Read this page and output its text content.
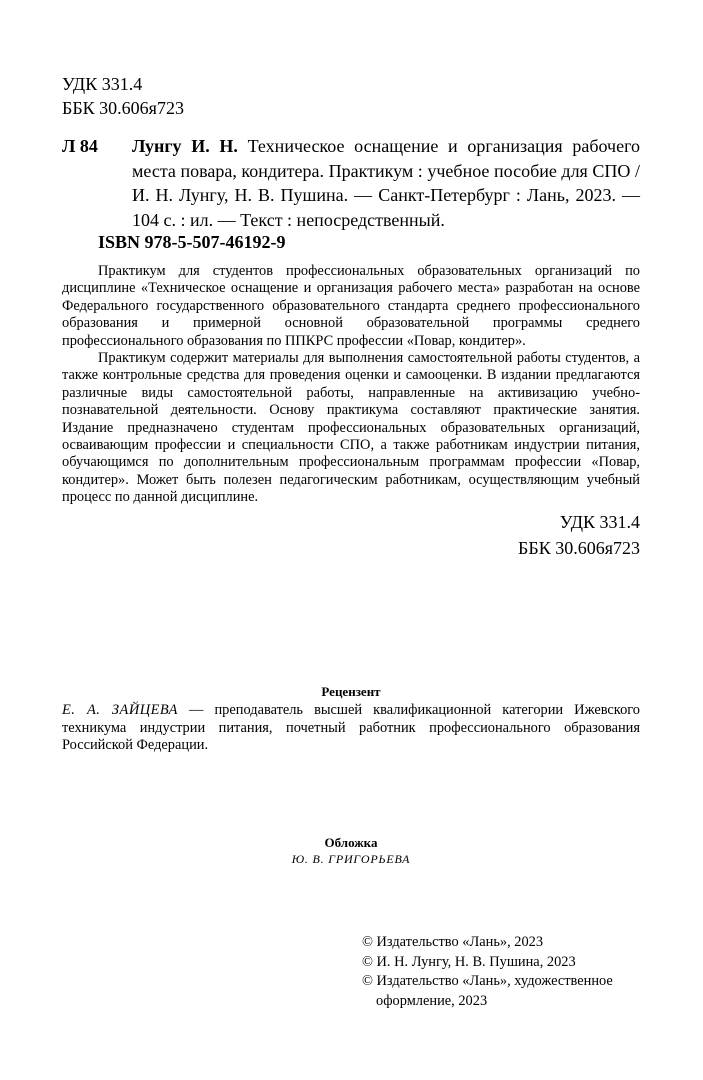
УДК 331.4
ББК 30.606я723
Л 84 Лунгу И. Н. Техническое оснащение и организация рабочего места повара, кондитера. Практикум : учебное пособие для СПО / И. Н. Лунгу, Н. В. Пушина. — Санкт-Петербург : Лань, 2023. — 104 с. : ил. — Текст : непосредственный.
ISBN 978-5-507-46192-9

Практикум для студентов профессиональных образовательных организаций по дисциплине «Техническое оснащение и организация рабочего места» разработан на основе Федерального государственного образовательного стандарта среднего профессионального образования и примерной основной образовательной программы среднего профессионального образования по ППКРС профессии «Повар, кондитер».

Практикум содержит материалы для выполнения самостоятельной работы студентов, а также контрольные средства для проведения оценки и самооценки. В издании предлагаются различные виды самостоятельной работы, направленные на активизацию учебно-познавательной деятельности. Основу практикума составляют практические занятия. Издание предназначено студентам профессиональных образовательных организаций, осваивающим профессии и специальности СПО, а также работникам индустрии питания, обучающимся по дополнительным профессиональным программам профессии «Повар, кондитер». Может быть полезен педагогическим работникам, осуществляющим учебный процесс по данной дисциплине.

УДК 331.4
ББК 30.606я723
Рецензент
Е. А. ЗАЙЦЕВА — преподаватель высшей квалификационной категории Ижевского техникума индустрии питания, почетный работник профессионального образования Российской Федерации.
Обложка
Ю. В. ГРИГОРЬЕВА
© Издательство «Лань», 2023
© И. Н. Лунгу, Н. В. Пушина, 2023
© Издательство «Лань», художественное
оформление, 2023
